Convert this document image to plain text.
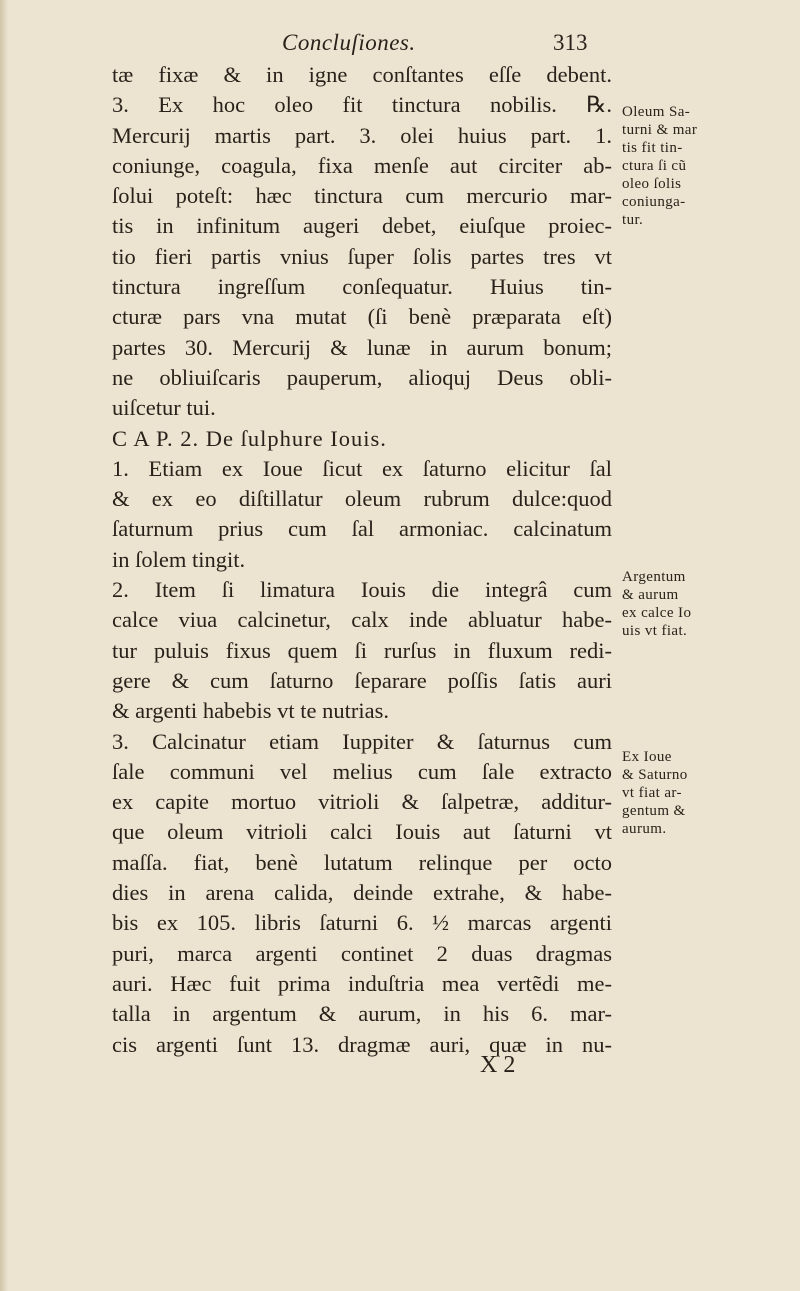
Concluſiones.	313
tæ fixæ & in igne conſtantes eſſe debent.
3. Ex hoc oleo fit tinctura nobilis. ℞.
Mercurij martis part. 3. olei huius part. 1.
coniunge, coagula, fixa menſe aut circiter ab-
ſolui poteſt: hæc tinctura cum mercurio mar-
tis in infinitum augeri debet, eiuſque proiec-
tio fieri partis vnius ſuper ſolis partes tres vt
tinctura ingreſſum conſequatur. Huius tin-
cturæ pars vna mutat (ſi benè præparata eſt)
partes 30. Mercurij & lunæ in aurum bonum;
ne obliuiſcaris pauperum, alioquj Deus obli-
uiſcetur tui.
C A P. 2. De ſulphure Iouis.
1. Etiam ex Ioue ſicut ex ſaturno elicitur ſal
& ex eo diſtillatur oleum rubrum dulce:quod
ſaturnum prius cum ſal armoniac. calcinatum
in ſolem tingit.
2. Item ſi limatura Iouis die integrâ cum
calce viua calcinetur, calx inde abluatur habe-
tur puluis fixus quem ſi rurſus in fluxum redi-
gere & cum ſaturno ſeparare poſſis ſatis auri
& argenti habebis vt te nutrias.
3. Calcinatur etiam Iuppiter & ſaturnus cum
ſale communi vel melius cum ſale extracto
ex capite mortuo vitrioli & ſalpetræ, additur-
que oleum vitrioli calci Iouis aut ſaturni vt
maſſa. fiat, benè lutatum relinque per octo
dies in arena calida, deinde extrahe, & habe-
bis ex 105. libris ſaturni 6. ½ marcas argenti
puri, marca argenti continet 2 duas dragmas
auri. Hæc fuit prima induſtria mea vertẽdi me-
talla in argentum & aurum, in his 6. mar-
cis argenti ſunt 13. dragmæ auri, quæ in nu-
X 2
Oleum Sa-
turni & mar
tis fit tin-
ctura ſi cũ
oleo ſolis
coniunga-
tur.
Argentum
& aurum
ex calce Io
uis vt fiat.
Ex Ioue
& Saturno
vt fiat ar-
gentum &
aurum.
